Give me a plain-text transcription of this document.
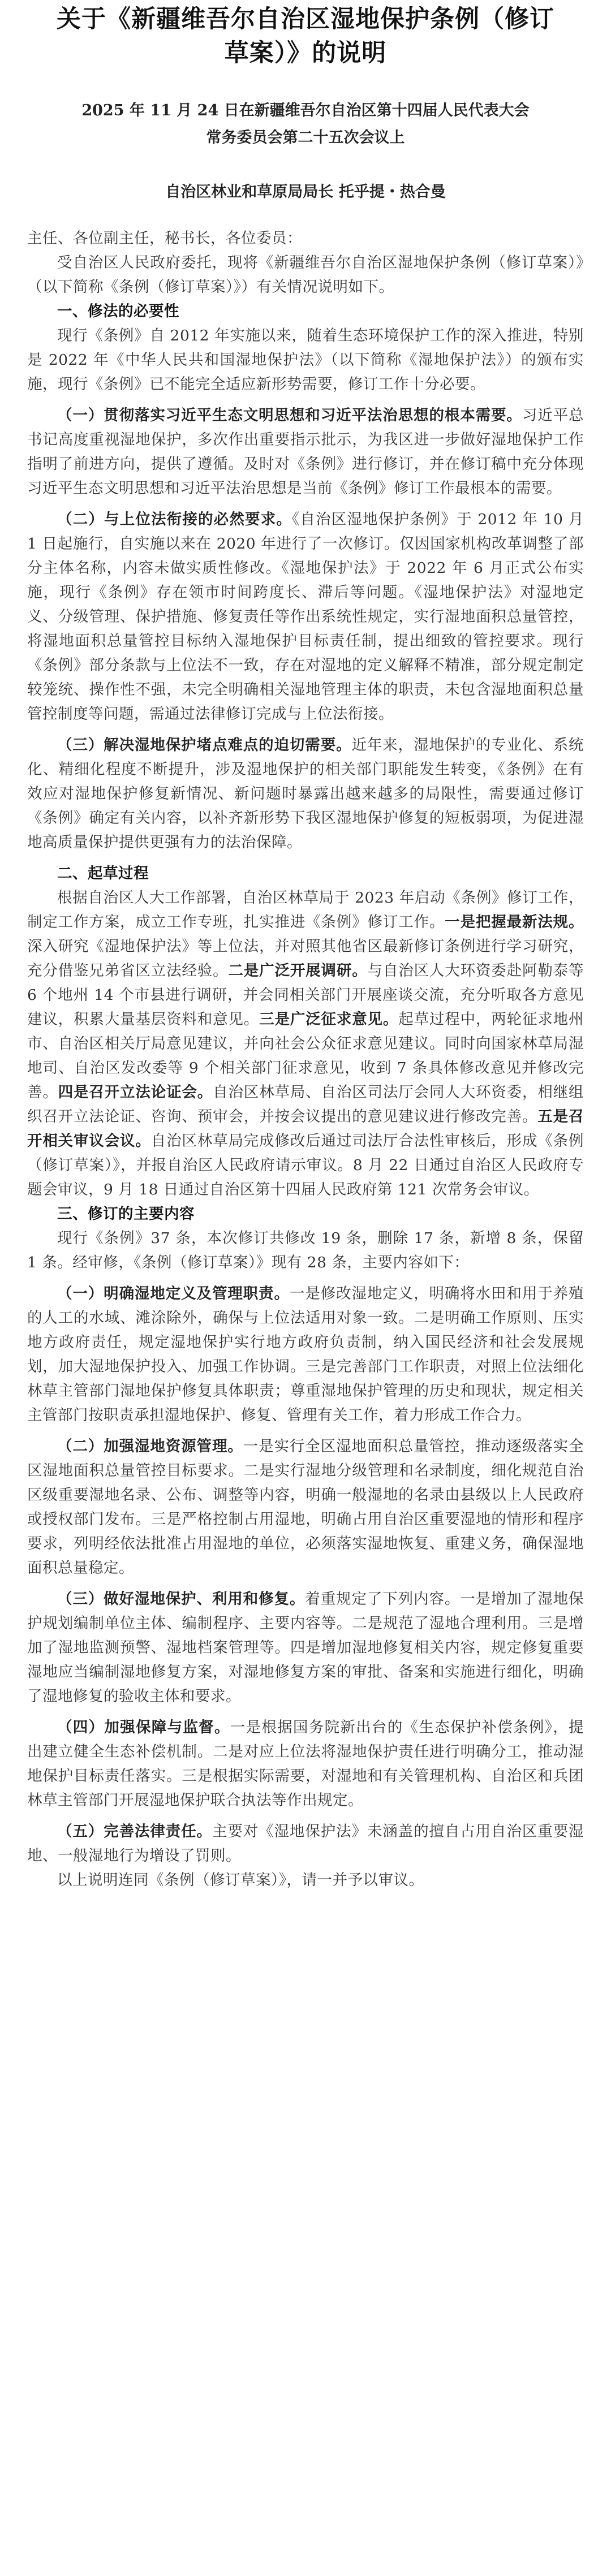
关于《新疆维吾尔自治区湿地保护条例（修订
草案）》的说明
2025 年 11 月 24 日在新疆维吾尔自治区第十四届人民代表大会
常务委员会第二十五次会议上
自治区林业和草原局局长 托乎提・热合曼

主任、各位副主任，秘书长，各位委员：

受自治区人民政府委托，现将《新疆维吾尔自治区湿地保护条例（修订草案）》（以下简称《条例（修订草案）》）有关情况说明如下。

一、修法的必要性

现行《条例》自 2012 年实施以来，随着生态环境保护工作的深入推进，特别是 2022 年《中华人民共和国湿地保护法》（以下简称《湿地保护法》）的颁布实施，现行《条例》已不能完全适应新形势需要，修订工作十分必要。

（一）贯彻落实习近平生态文明思想和习近平法治思想的根本需要。习近平总书记高度重视湿地保护，多次作出重要指示批示，为我区进一步做好湿地保护工作指明了前进方向，提供了遵循。及时对《条例》进行修订，并在修订稿中充分体现习近平生态文明思想和习近平法治思想是当前《条例》修订工作最根本的需要。

（二）与上位法衔接的必然要求。《自治区湿地保护条例》于 2012 年 10 月 1 日起施行，自实施以来在 2020 年进行了一次修订。仅因国家机构改革调整了部分主体名称，内容未做实质性修改。《湿地保护法》于 2022 年 6 月正式公布实施，现行《条例》存在领市时间跨度长、滞后等问题。《湿地保护法》对湿地定义、分级管理、保护措施、修复责任等作出系统性规定，实行湿地面积总量管控，将湿地面积总量管控目标纳入湿地保护目标责任制，提出细致的管控要求。现行《条例》部分条款与上位法不一致，存在对湿地的定义解释不精准，部分规定制定较笼统、操作性不强，未完全明确相关湿地管理主体的职责，未包含湿地面积总量管控制度等问题，需通过法律修订完成与上位法衔接。

（三）解决湿地保护堵点难点的迫切需要。近年来，湿地保护的专业化、系统化、精细化程度不断提升，涉及湿地保护的相关部门职能发生转变，《条例》在有效应对湿地保护修复新情况、新问题时暴露出越来越多的局限性，需要通过修订《条例》确定有关内容，以补齐新形势下我区湿地保护修复的短板弱项，为促进湿地高质量保护提供更强有力的法治保障。

二、起草过程

根据自治区人大工作部署，自治区林草局于 2023 年启动《条例》修订工作，制定工作方案，成立工作专班，扎实推进《条例》修订工作。一是把握最新法规。深入研究《湿地保护法》等上位法，并对照其他省区最新修订条例进行学习研究，充分借鉴兄弟省区立法经验。二是广泛开展调研。与自治区人大环资委赴阿勒泰等 6 个地州 14 个市县进行调研，并会同相关部门开展座谈交流，充分听取各方意见建议，积累大量基层资料和意见。三是广泛征求意见。起草过程中，两轮征求地州市、自治区相关厅局意见建议，并向社会公众征求意见建议。同时向国家林草局湿地司、自治区发改委等 9 个相关部门征求意见，收到 7 条具体修改意见并修改完善。四是召开立法论证会。自治区林草局、自治区司法厅会同人大环资委，相继组织召开立法论证、咨询、预审会，并按会议提出的意见建议进行修改完善。五是召开相关审议会议。自治区林草局完成修改后通过司法厅合法性审核后，形成《条例（修订草案）》，并报自治区人民政府请示审议。8 月 22 日通过自治区人民政府专题会审议，9 月 18 日通过自治区第十四届人民政府第 121 次常务会审议。

三、修订的主要内容

现行《条例》37 条，本次修订共修改 19 条，删除 17 条，新增 8 条，保留 1 条。经审修，《条例（修订草案）》现有 28 条，主要内容如下：

（一）明确湿地定义及管理职责。一是修改湿地定义，明确将水田和用于养殖的人工的水域、滩涂除外，确保与上位法适用对象一致。二是明确工作原则、压实地方政府责任，规定湿地保护实行地方政府负责制，纳入国民经济和社会发展规划，加大湿地保护投入、加强工作协调。三是完善部门工作职责，对照上位法细化林草主管部门湿地保护修复具体职责；尊重湿地保护管理的历史和现状，规定相关主管部门按职责承担湿地保护、修复、管理有关工作，着力形成工作合力。

（二）加强湿地资源管理。一是实行全区湿地面积总量管控，推动逐级落实全区湿地面积总量管控目标要求。二是实行湿地分级管理和名录制度，细化规范自治区级重要湿地名录、公布、调整等内容，明确一般湿地的名录由县级以上人民政府或授权部门发布。三是严格控制占用湿地，明确占用自治区重要湿地的情形和程序要求，列明经依法批准占用湿地的单位，必须落实湿地恢复、重建义务，确保湿地面积总量稳定。

（三）做好湿地保护、利用和修复。着重规定了下列内容。一是增加了湿地保护规划编制单位主体、编制程序、主要内容等。二是规范了湿地合理利用。三是增加了湿地监测预警、湿地档案管理等。四是增加湿地修复相关内容，规定修复重要湿地应当编制湿地修复方案，对湿地修复方案的审批、备案和实施进行细化，明确了湿地修复的验收主体和要求。

（四）加强保障与监督。一是根据国务院新出台的《生态保护补偿条例》，提出建立健全生态补偿机制。二是对应上位法将湿地保护责任进行明确分工，推动湿地保护目标责任落实。三是根据实际需要，对湿地和有关管理机构、自治区和兵团林草主管部门开展湿地保护联合执法等作出规定。

（五）完善法律责任。主要对《湿地保护法》未涵盖的擅自占用自治区重要湿地、一般湿地行为增设了罚则。

以上说明连同《条例（修订草案）》，请一并予以审议。
